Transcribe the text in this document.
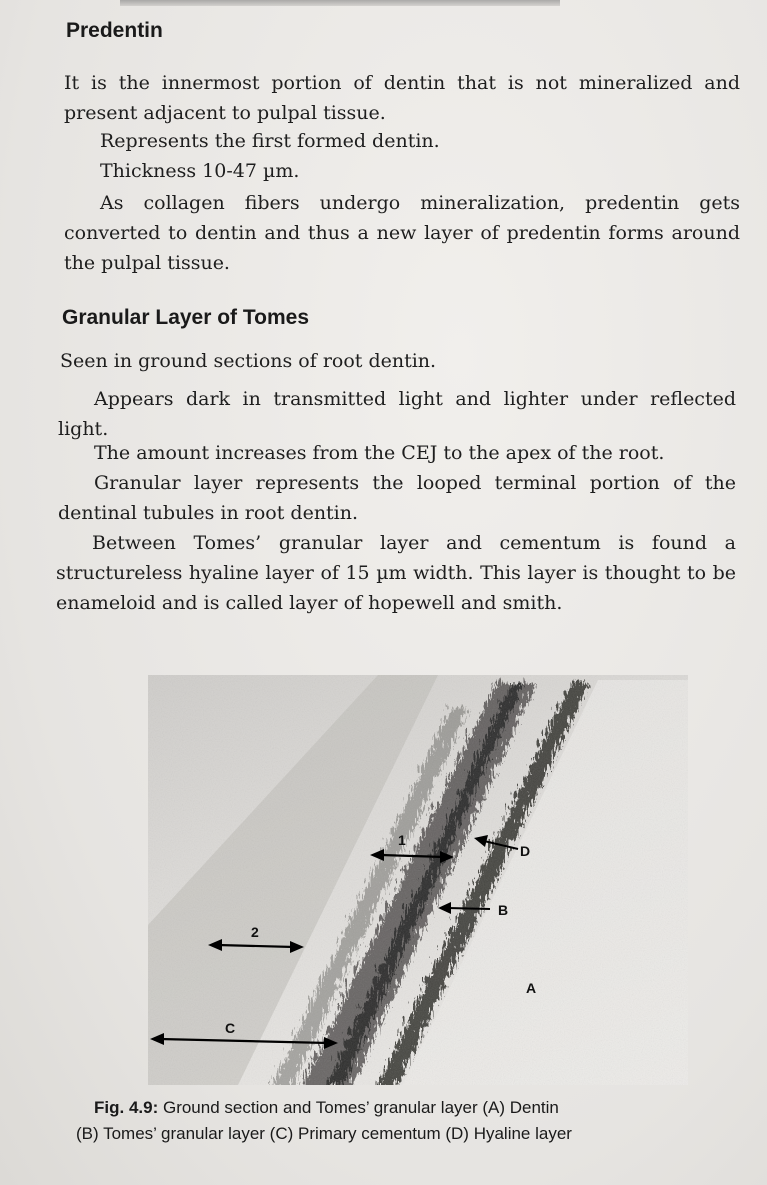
Predentin

It is the innermost portion of dentin that is not mineralized and present adjacent to pulpal tissue.

Represents the first formed dentin.

Thickness 10-47 µm.

As collagen fibers undergo mineralization, predentin gets converted to dentin and thus a new layer of predentin forms around the pulpal tissue.

Granular Layer of Tomes

Seen in ground sections of root dentin.

Appears dark in transmitted light and lighter under reflected light.

The amount increases from the CEJ to the apex of the root.

Granular layer represents the looped terminal portion of the dentinal tubules in root dentin.

Between Tomes’ granular layer and cementum is found a structureless hyaline layer of 15 µm width. This layer is thought to be enameloid and is called layer of hopewell and smith.

1
2
C
D
B
A

Fig. 4.9: Ground section and Tomes’ granular layer (A) Dentin

(B) Tomes’ granular layer (C) Primary cementum (D) Hyaline layer
